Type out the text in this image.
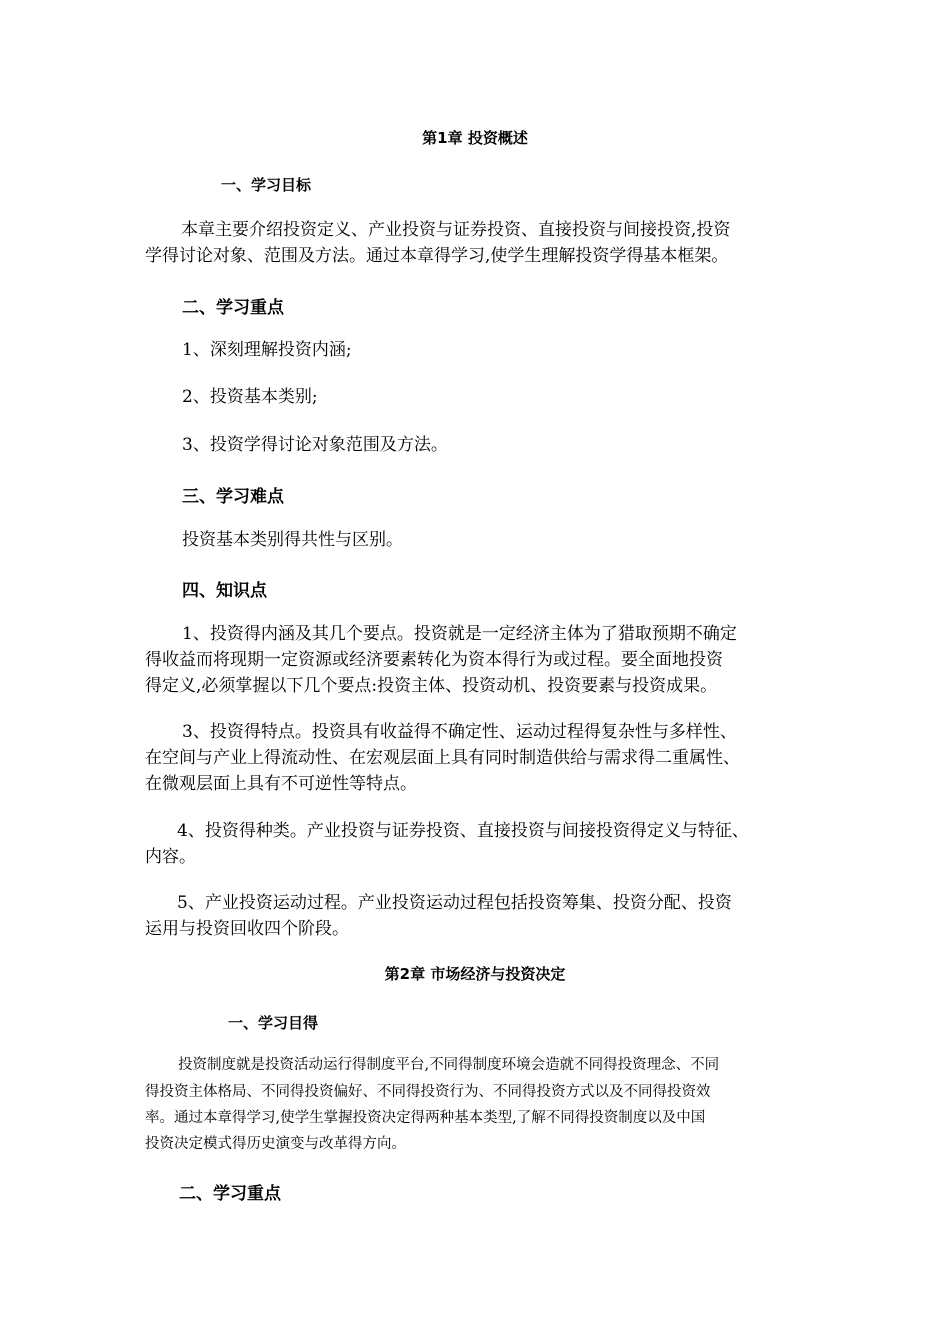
第1章 投资概述

一、学习目标

本章主要介绍投资定义、产业投资与证券投资、直接投资与间接投资,投资

学得讨论对象、范围及方法。通过本章得学习,使学生理解投资学得基本框架。

二、学习重点

1、深刻理解投资内涵;

2、投资基本类别;

3、投资学得讨论对象范围及方法。

三、学习难点

投资基本类别得共性与区别。

四、知识点

1、投资得内涵及其几个要点。投资就是一定经济主体为了猎取预期不确定

得收益而将现期一定资源或经济要素转化为资本得行为或过程。要全面地投资

得定义,必须掌握以下几个要点:投资主体、投资动机、投资要素与投资成果。

3、投资得特点。投资具有收益得不确定性、运动过程得复杂性与多样性、

在空间与产业上得流动性、在宏观层面上具有同时制造供给与需求得二重属性、

在微观层面上具有不可逆性等特点。

4、投资得种类。产业投资与证券投资、直接投资与间接投资得定义与特征、

内容。

5、产业投资运动过程。产业投资运动过程包括投资筹集、投资分配、投资

运用与投资回收四个阶段。

第2章 市场经济与投资决定

一、学习目得

投资制度就是投资活动运行得制度平台,不同得制度环境会造就不同得投资理念、不同

得投资主体格局、不同得投资偏好、不同得投资行为、不同得投资方式以及不同得投资效

率。通过本章得学习,使学生掌握投资决定得两种基本类型,了解不同得投资制度以及中国

投资决定模式得历史演变与改革得方向。

二、学习重点
